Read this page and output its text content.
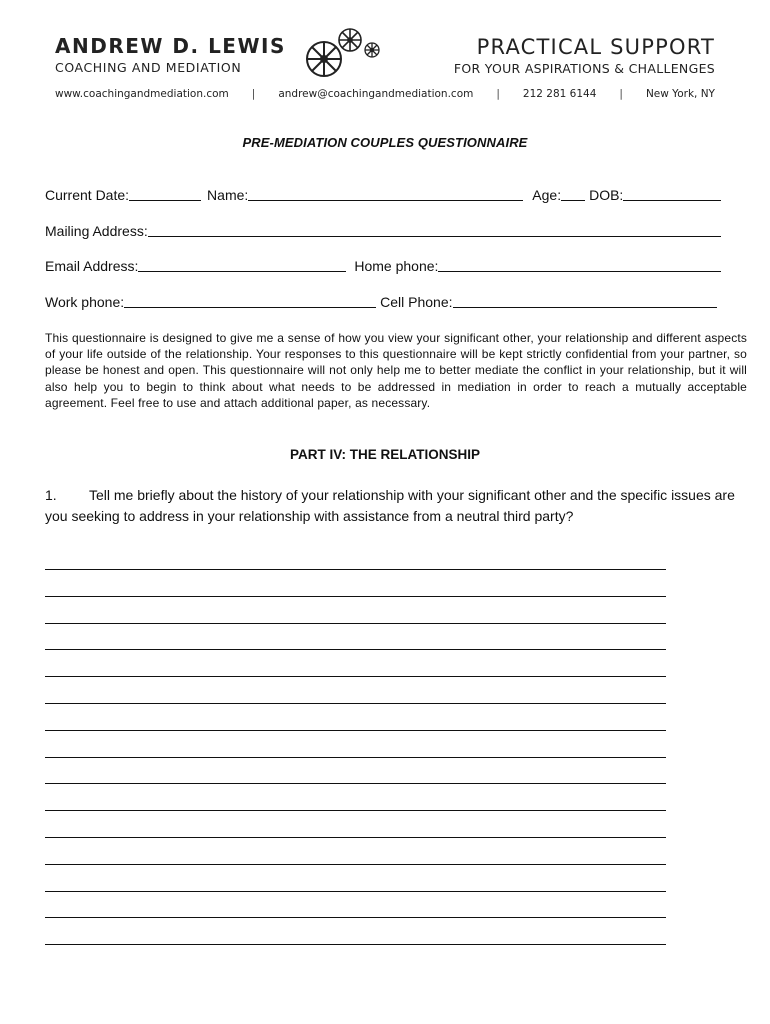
ANDREW D. LEWIS
COACHING AND MEDIATION
PRACTICAL SUPPORT
FOR YOUR ASPIRATIONS & CHALLENGES
www.coachingandmediation.com | andrew@coachingandmediation.com | 212 281 6144 | New York, NY
PRE-MEDIATION COUPLES QUESTIONNAIRE
Current Date:	Name:	Age: DOB:
Mailing Address:
Email Address:	Home phone:
Work phone:	Cell Phone:
This questionnaire is designed to give me a sense of how you view your significant other, your relationship and different aspects of your life outside of the relationship. Your responses to this questionnaire will be kept strictly confidential from your partner, so please be honest and open. This questionnaire will not only help me to better mediate the conflict in your relationship, but it will also help you to begin to think about what needs to be addressed in mediation in order to reach a mutually acceptable agreement. Feel free to use and attach additional paper, as necessary.
PART IV: THE RELATIONSHIP
1. Tell me briefly about the history of your relationship with your significant other and the specific issues are you seeking to address in your relationship with assistance from a neutral third party?
